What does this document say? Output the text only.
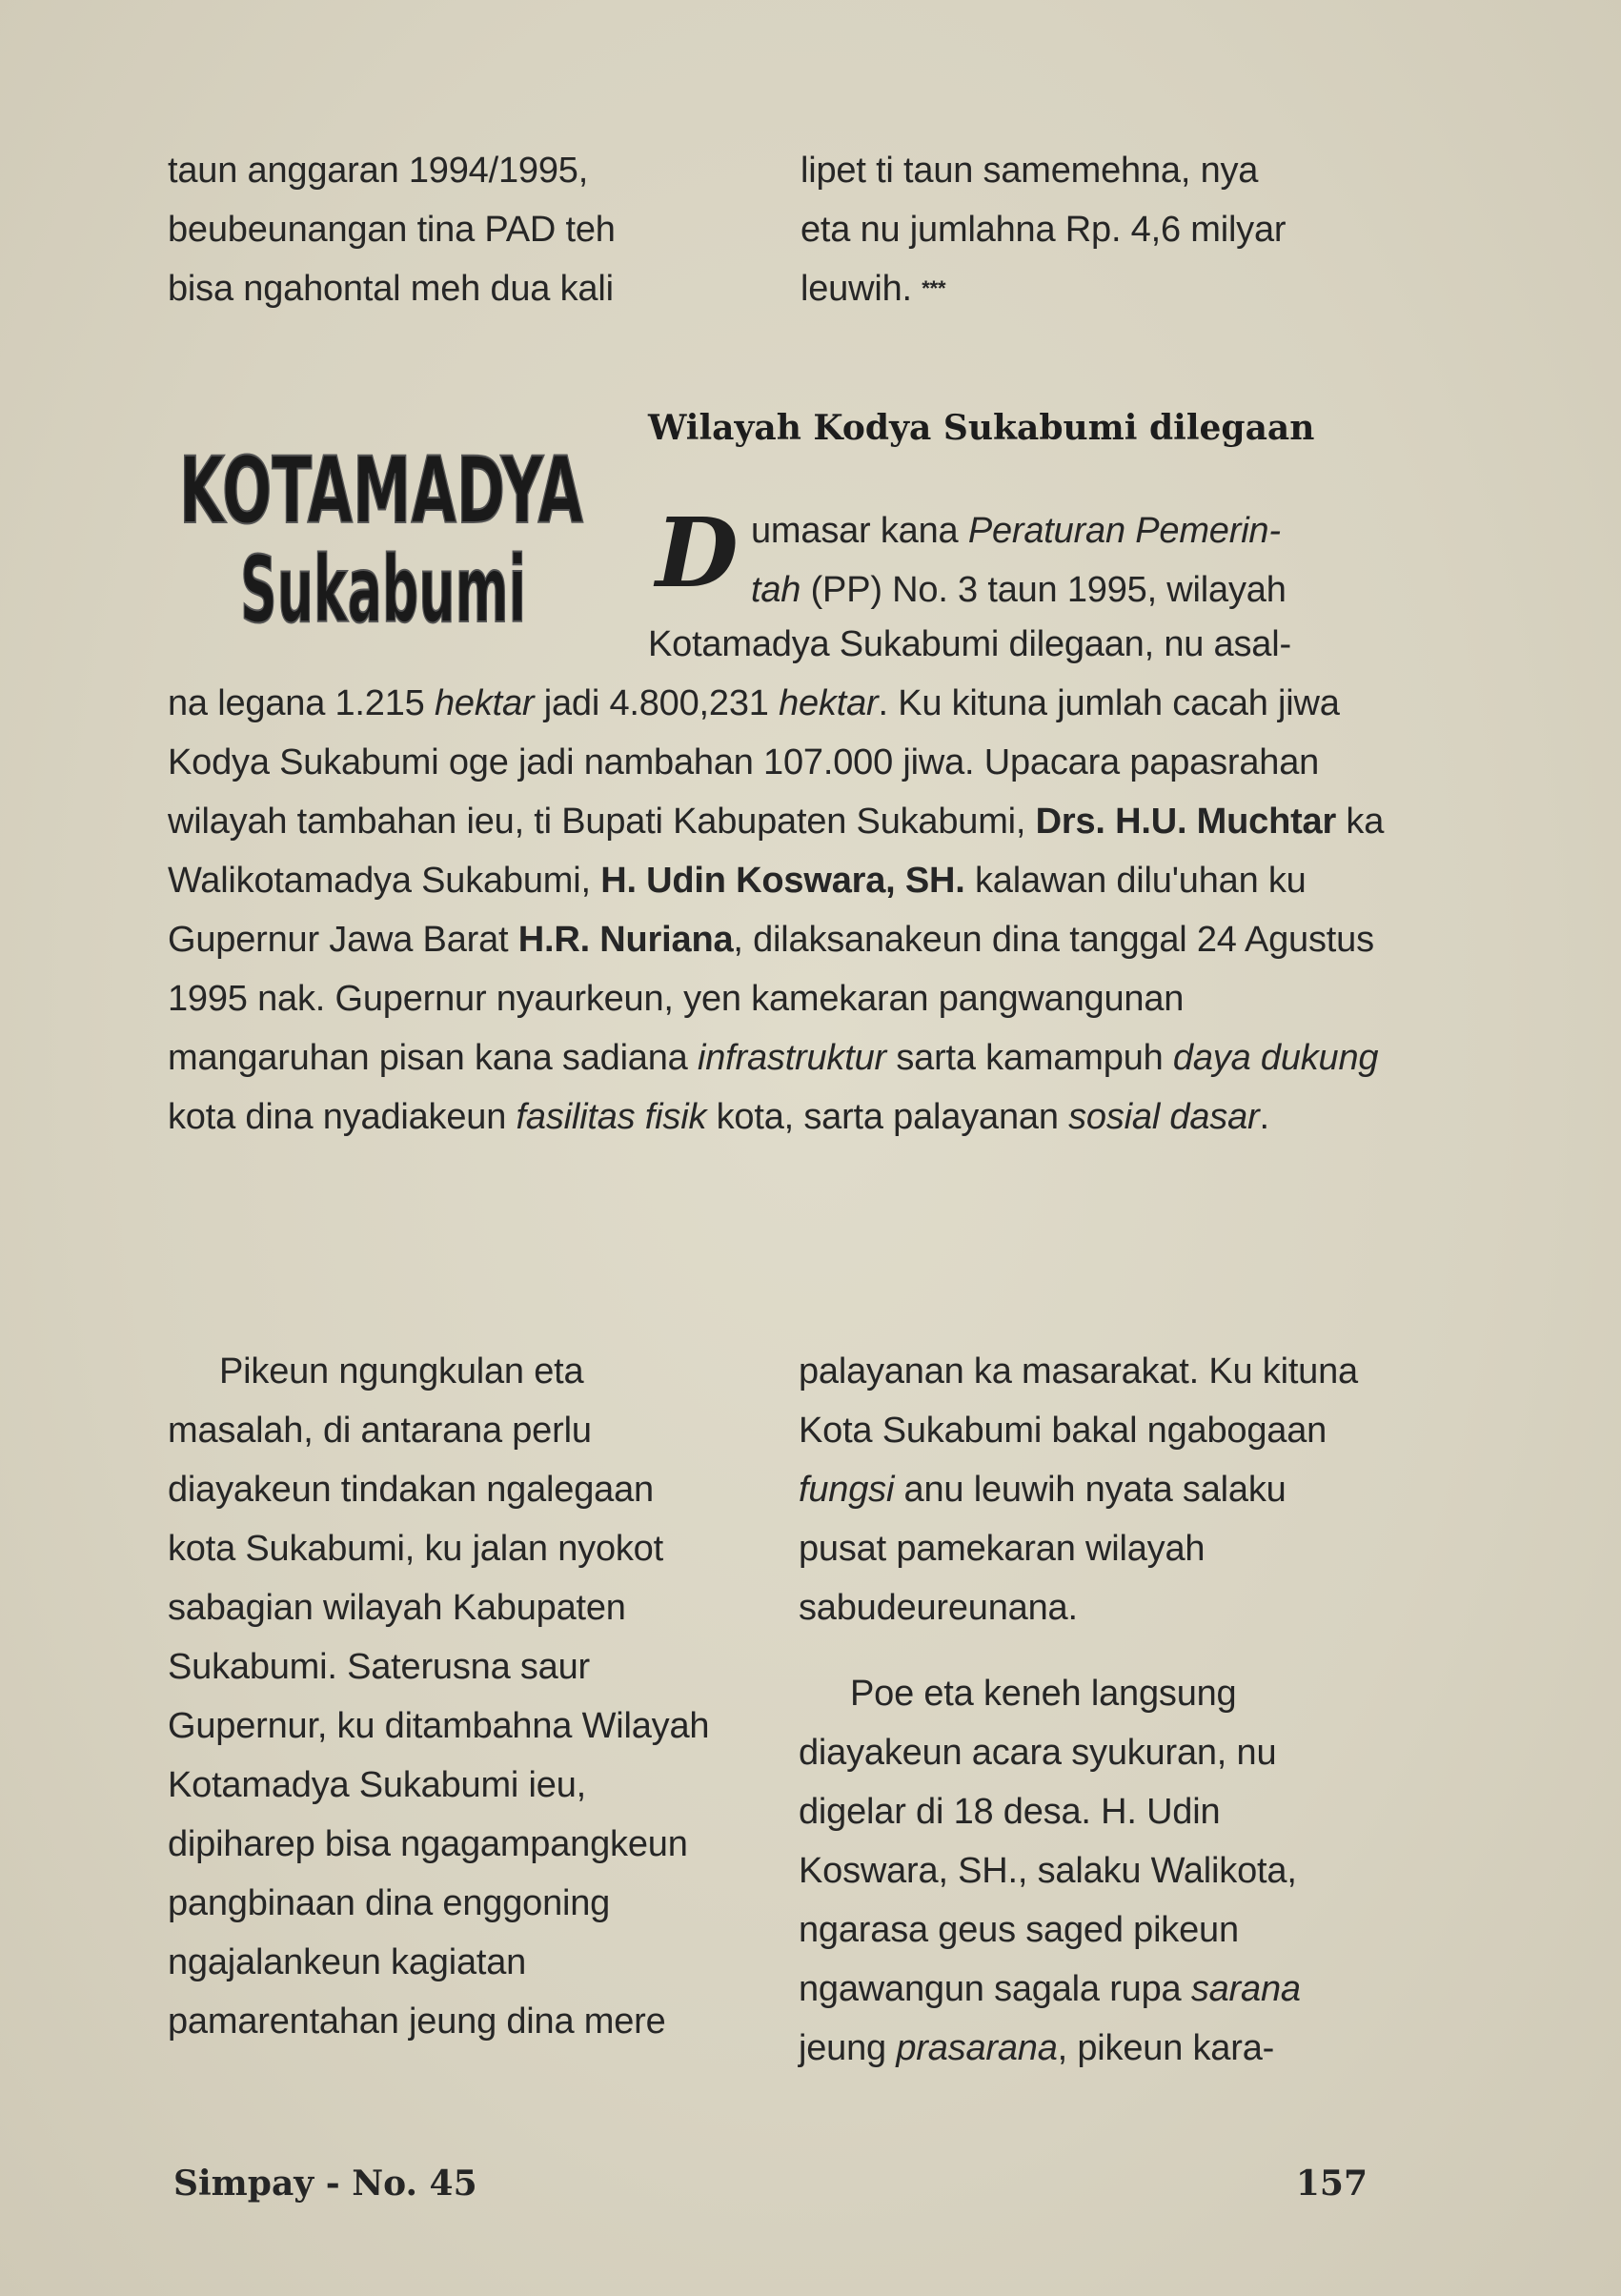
taun anggaran 1994/1995,
beubeunangan tina PAD teh
bisa ngahontal meh dua kali
lipet ti taun samemehna, nya
eta nu jumlahna Rp. 4,6 milyar
leuwih. ***
KOTAMADYA
Sukabumi
Wilayah Kodya Sukabumi dilegaan
D umasar kana Peraturan Pemerin-
tah (PP) No. 3 taun 1995, wilayah
Kotamadya Sukabumi dilegaan, nu asal-
na legana 1.215 hektar jadi 4.800,231 hektar. Ku kituna jumlah cacah jiwa Kodya Sukabumi oge jadi nambahan 107.000 jiwa. Upacara papasrahan wilayah tambahan ieu, ti Bupati Kabupaten Sukabumi, Drs. H.U. Muchtar ka Walikotamadya Sukabumi, H. Udin Koswara, SH. kalawan dilu'uhan ku Gupernur Jawa Barat H.R. Nuriana, dilaksanakeun dina tanggal 24 Agustus 1995 nak. Gupernur nyaurkeun, yen kamekaran pangwangunan mangaruhan pisan kana sadiana infrastruktur sarta kamampuh daya dukung kota dina nyadiakeun fasilitas fisik kota, sarta palayanan sosial dasar.

Pikeun ngungkulan eta masalah, di antarana perlu diayakeun tindakan ngalegaan kota Sukabumi, ku jalan nyokot sabagian wilayah Kabupaten Sukabumi. Saterusna saur Gupernur, ku ditambahna Wilayah Kotamadya Sukabumi ieu, dipiharep bisa ngagampangkeun pangbinaan dina enggoning ngajalankeun kagiatan pamarentahan jeung dina mere

palayanan ka masarakat. Ku kituna Kota Sukabumi bakal ngabogaan fungsi anu leuwih nyata salaku pusat pamekaran wilayah sabudeureunana.

Poe eta keneh langsung diayakeun acara syukuran, nu digelar di 18 desa. H. Udin Koswara, SH., salaku Walikota, ngarasa geus saged pikeun ngawangun sagala rupa sarana jeung prasarana, pikeun kara-

Simpay - No. 45	157
